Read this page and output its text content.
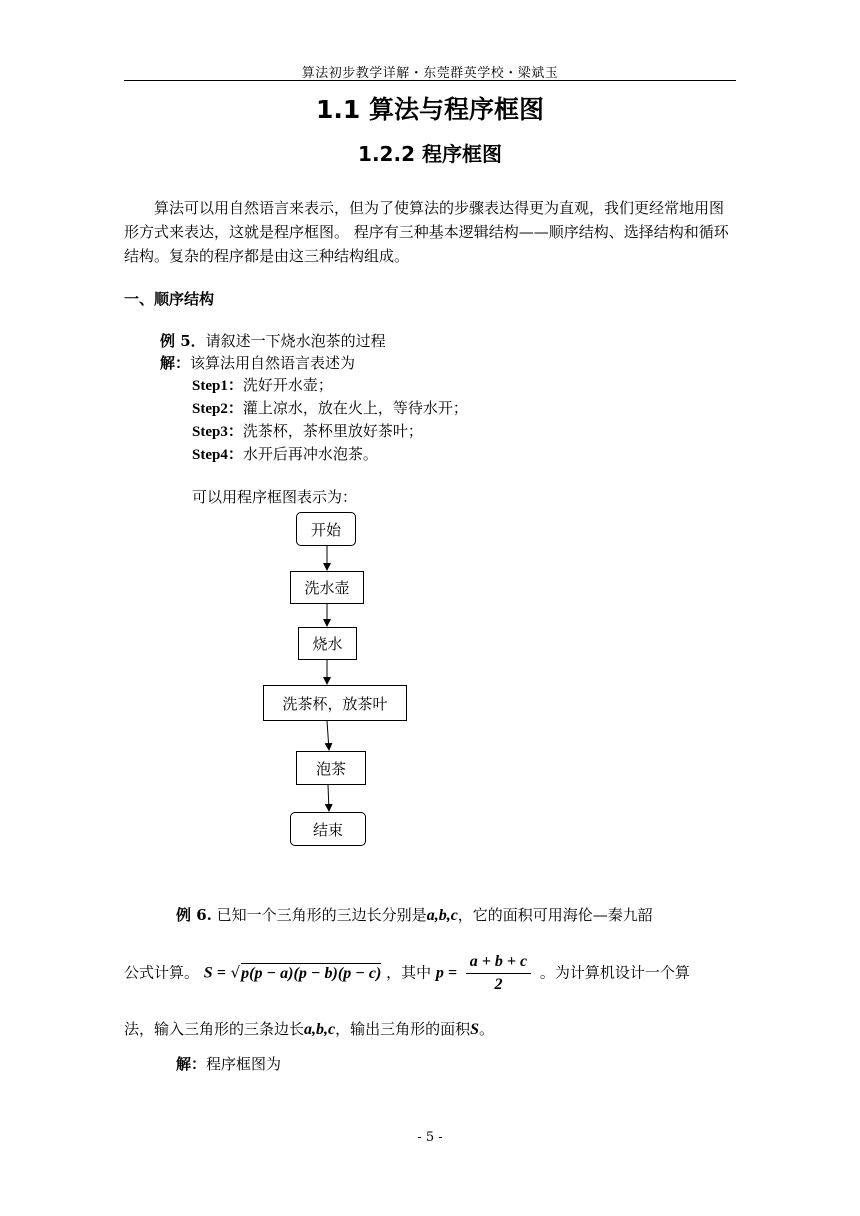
算法初步教学详解・东莞群英学校・梁斌玉
1.1 算法与程序框图
1.2.2 程序框图
算法可以用自然语言来表示，但为了使算法的步骤表达得更为直观，我们更经常地用图形方式来表达，这就是程序框图。 程序有三种基本逻辑结构——顺序结构、选择结构和循环结构。复杂的程序都是由这三种结构组成。
一、顺序结构
例 5．请叙述一下烧水泡茶的过程
解：该算法用自然语言表述为
Step1：洗好开水壶；
Step2：灌上凉水，放在火上，等待水开；
Step3：洗茶杯，茶杯里放好茶叶；
Step4：水开后再冲水泡茶。
可以用程序框图表示为：
开始
洗水壶
烧水
洗茶杯，放茶叶
泡茶
结束
例 6. 已知一个三角形的三边长分别是a,b,c，它的面积可用海伦—秦九韶
公式计算。 S = √p(p − a)(p − b)(p − c) ，其中 $p = \frac{a + b + c}{2}$ 。为计算机设计一个算
法，输入三角形的三条边长a,b,c，输出三角形的面积S。
解：程序框图为
- 5 -
